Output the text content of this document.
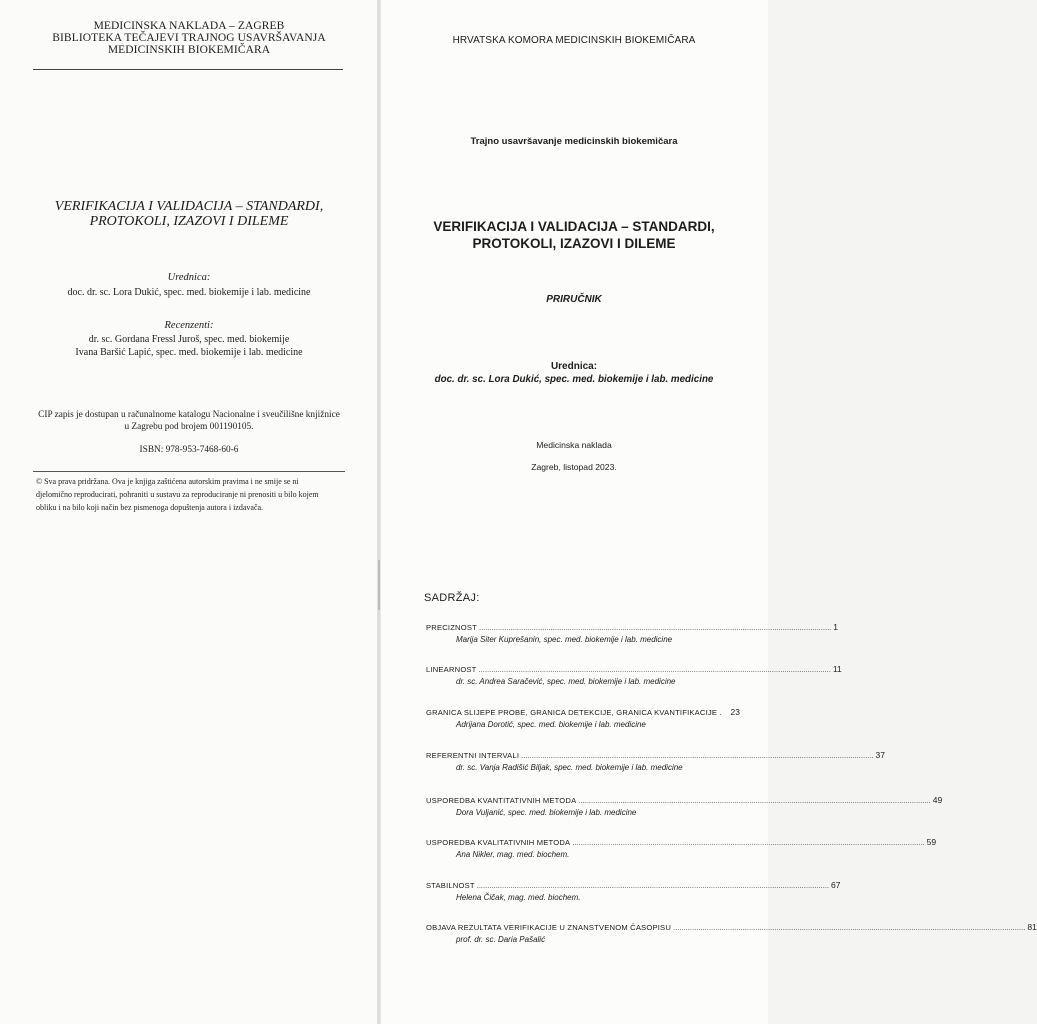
MEDICINSKA NAKLADA – ZAGREB
BIBLIOTEKA TEČAJEVI TRAJNOG USAVRŠAVANJA
MEDICINSKIH BIOKEMIČARA
VERIFIKACIJA I VALIDACIJA – STANDARDI,
PROTOKOLI, IZAZOVI I DILEME
Urednica:
doc. dr. sc. Lora Dukić, spec. med. biokemije i lab. medicine
Recenzenti:
dr. sc. Gordana Fressl Juroš, spec. med. biokemije
Ivana Baršić Lapić, spec. med. biokemije i lab. medicine
CIP zapis je dostupan u računalnome katalogu Nacionalne i sveučilišne knjižnice
u Zagrebu pod brojem 001190105.
ISBN: 978-953-7468-60-6
© Sva prava pridržana. Ova je knjiga zaštićena autorskim pravima i ne smije se ni
djelomično reproducirati, pohraniti u sustavu za reproduciranje ni prenositi u bilo kojem
obliku i na bilo koji način bez pismenoga dopuštenja autora i izdavača.
HRVATSKA KOMORA MEDICINSKIH BIOKEMIČARA
Trajno usavršavanje medicinskih biokemičara
VERIFIKACIJA I VALIDACIJA – STANDARDI,
PROTOKOLI, IZAZOVI I DILEME
PRIRUČNIK
Urednica:
doc. dr. sc. Lora Dukić, spec. med. biokemije i lab. medicine
Medicinska naklada
Zagreb, listopad 2023.
SADRŽAJ:
PRECIZNOST ....................................................................................................................................................................... 1
Marija Siter Kuprešanin, spec. med. biokemije i lab. medicine
LINEARNOST ....................................................................................................................................................................... 11
dr. sc. Andrea Saračević, spec. med. biokemije i lab. medicine
GRANICA SLIJEPE PROBE, GRANICA DETEKCIJE, GRANICA KVANTIFIKACIJE .	23
Adrijana Dorotić, spec. med. biokemije i lab. medicine
REFERENTNI INTERVALI ....................................................................................................................................................................... 37
dr. sc. Vanja Radišić Biljak, spec. med. biokemije i lab. medicine
USPOREDBA KVANTITATIVNIH METODA ....................................................................................................................................................................... 49
Dora Vuljanić, spec. med. biokemije i lab. medicine
USPOREDBA KVALITATIVNIH METODA ....................................................................................................................................................................... 59
Ana Nikler, mag. med. biochem.
STABILNOST ....................................................................................................................................................................... 67
Helena Čičak, mag. med. biochem.
OBJAVA REZULTATA VERIFIKACIJE U ZNANSTVENOM ČASOPISU ....................................................................................................................................................................... 81
prof. dr. sc. Daria Pašalić
